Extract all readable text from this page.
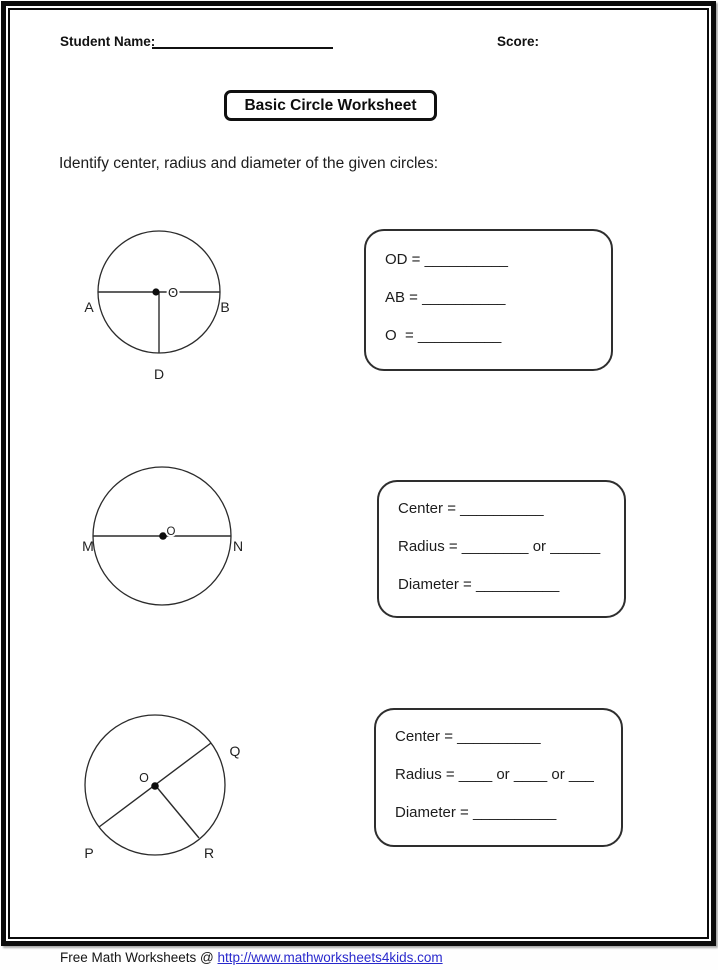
Student Name:	Score:
Basic Circle Worksheet
Identify center, radius and diameter of the given circles:
O
A	B
D
OD = __________
AB = __________
O  = __________
O
M	N
Center = __________
Radius = ________ or ______
Diameter = __________
O
Q
P	R
Center = __________
Radius = ____ or ____ or ___
Diameter = __________
Free Math Worksheets @ http://www.mathworksheets4kids.com
